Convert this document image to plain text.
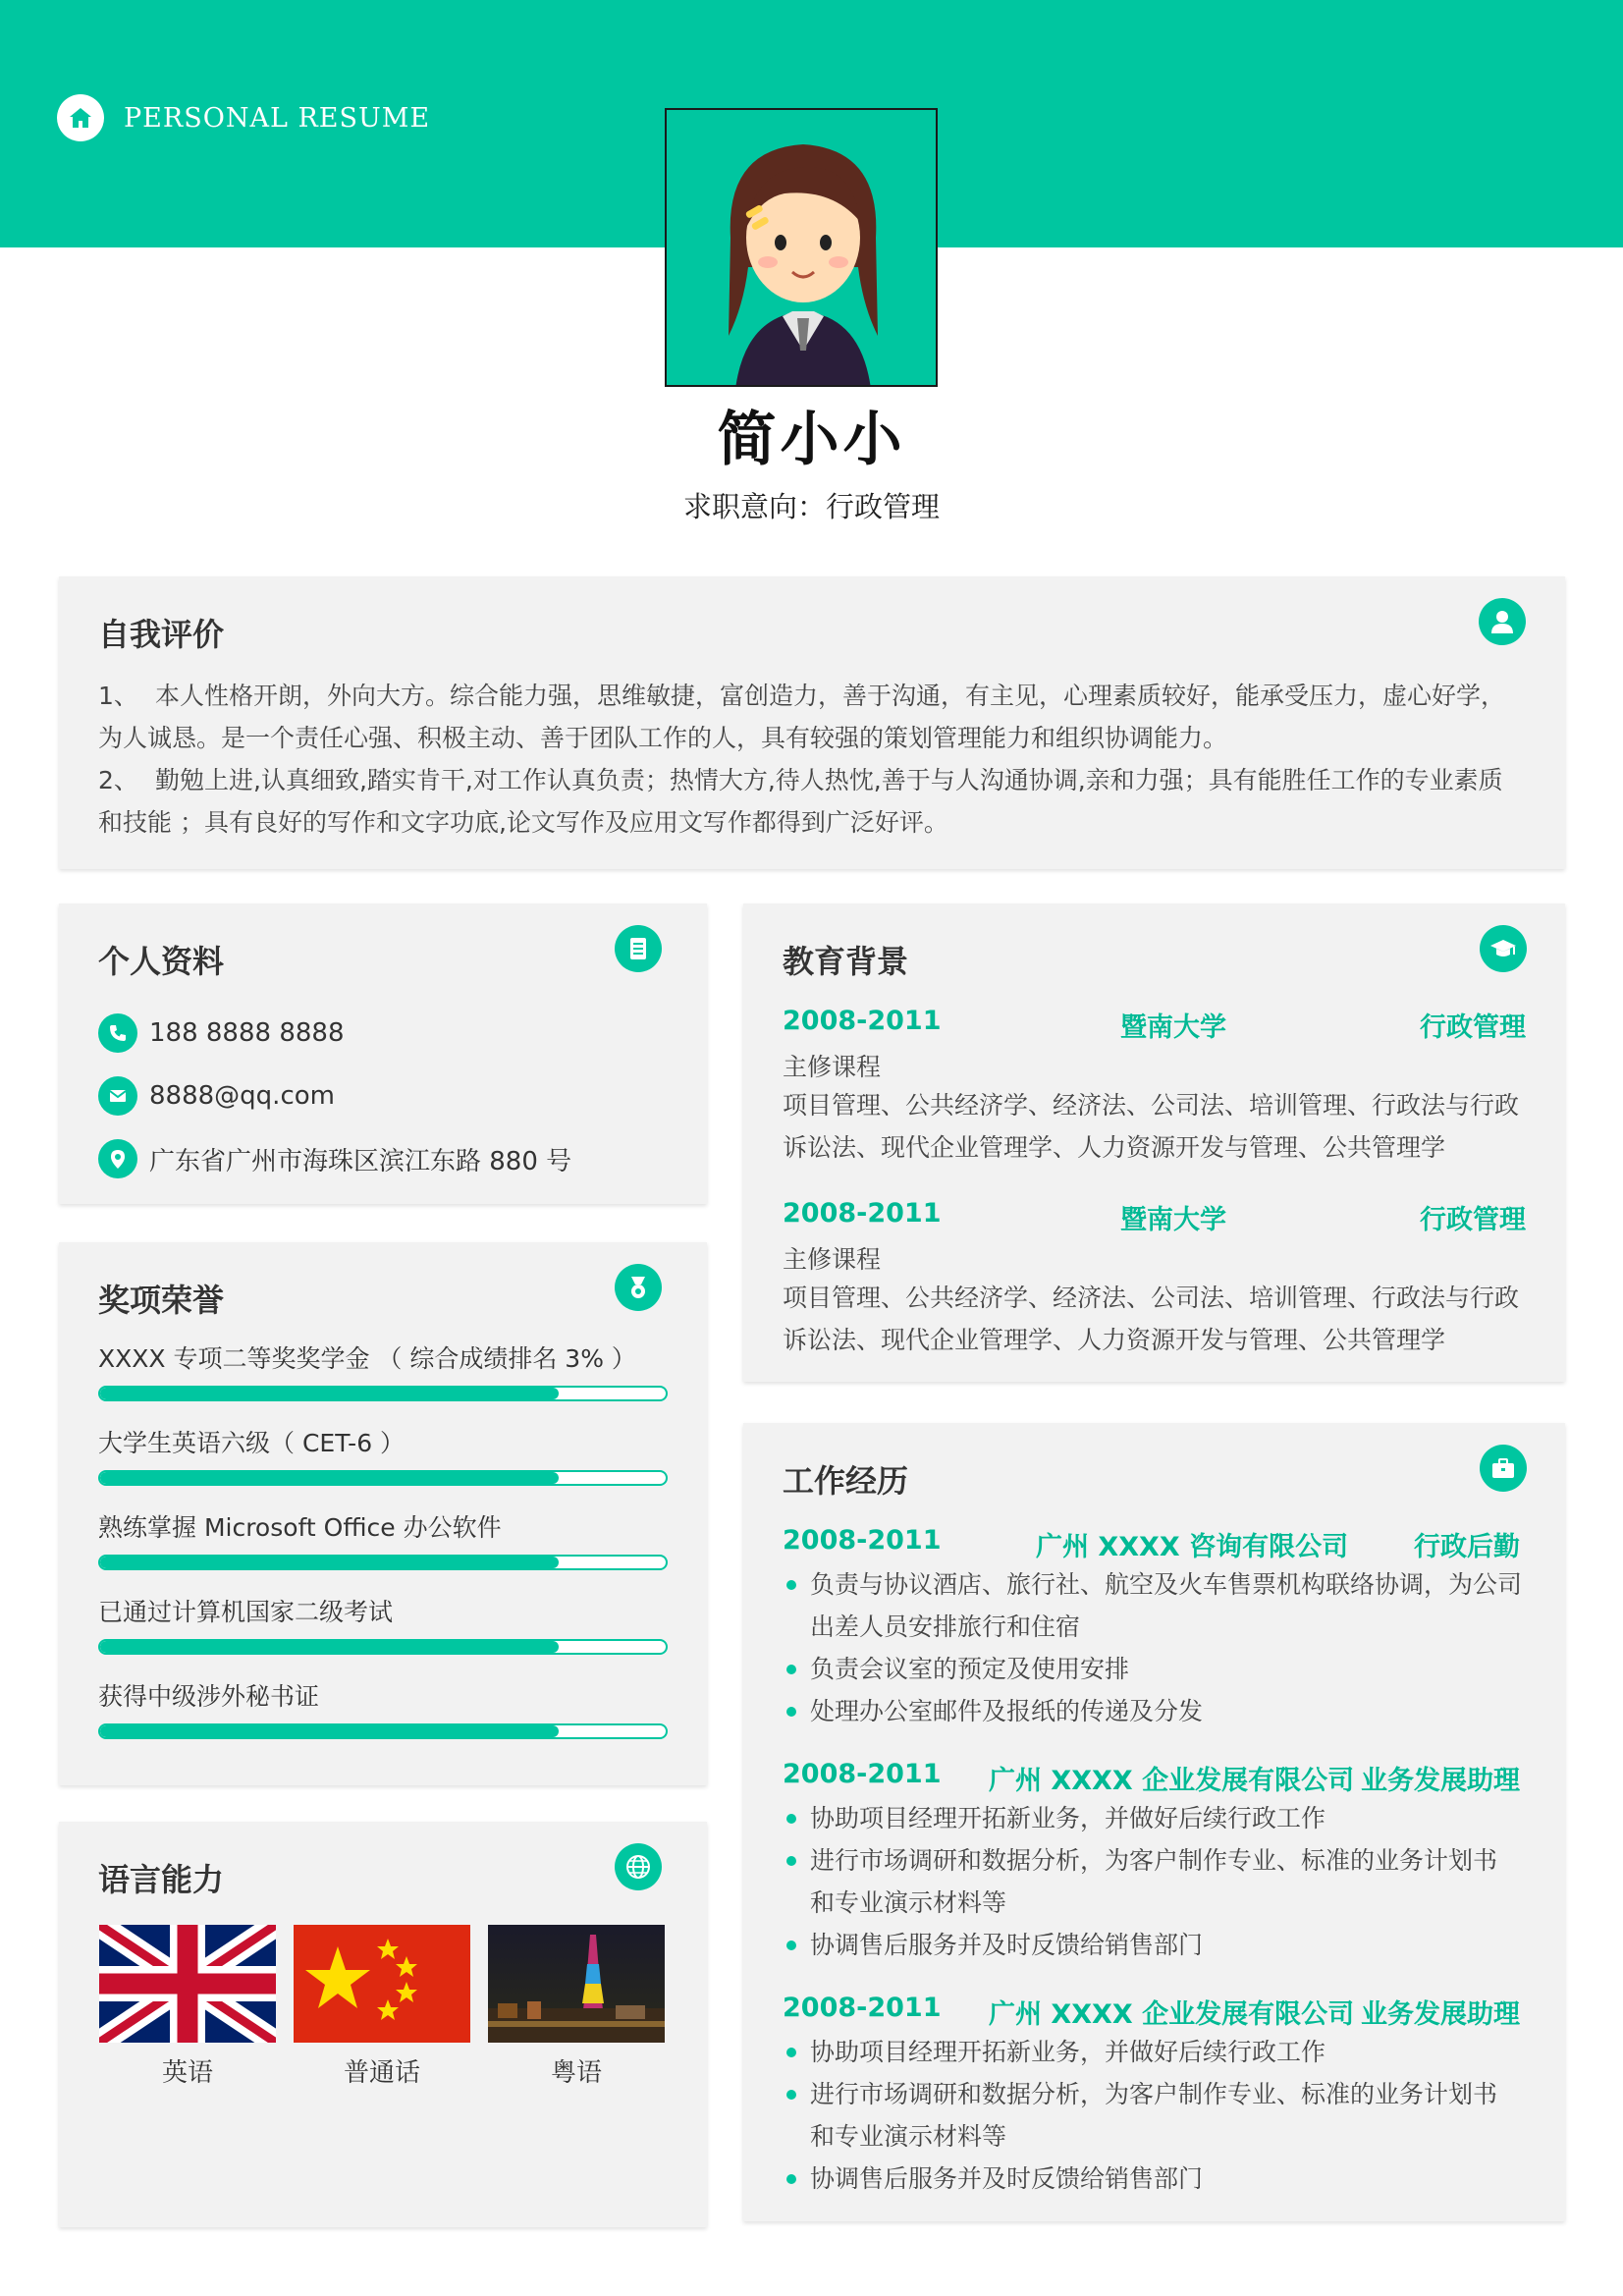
PERSONAL RESUME
简小小
求职意向：行政管理
自我评价

1、 本人性格开朗，外向大方。综合能力强，思维敏捷，富创造力，善于沟通，有主见，心理素质较好，能承受压力，虚心好学，为人诚恳。是一个责任心强、积极主动、善于团队工作的人，具有较强的策划管理能力和组织协调能力。

2、 勤勉上进,认真细致,踏实肯干,对工作认真负责；热情大方,待人热忱,善于与人沟通协调,亲和力强；具有能胜任工作的专业素质和技能 ；具有良好的写作和文字功底,论文写作及应用文写作都得到广泛好评。

个人资料
188 8888 8888
8888@qq.com
广东省广州市海珠区滨江东路 880 号
奖项荣誉
XXXX 专项二等奖奖学金 （ 综合成绩排名 3% ）
大学生英语六级（ CET-6 ）
熟练掌握 Microsoft Office 办公软件
已通过计算机国家二级考试
获得中级涉外秘书证
语言能力
英语	普通话	粤语
教育背景
2008-2011	暨南大学	行政管理
主修课程
项目管理、公共经济学、经济法、公司法、培训管理、行政法与行政诉讼法、现代企业管理学、人力资源开发与管理、公共管理学
2008-2011	暨南大学	行政管理
主修课程
项目管理、公共经济学、经济法、公司法、培训管理、行政法与行政诉讼法、现代企业管理学、人力资源开发与管理、公共管理学
工作经历
2008-2011	广州 XXXX 咨询有限公司 行政后勤
负责与协议酒店、旅行社、航空及火车售票机构联络协调，为公司出差人员安排旅行和住宿
负责会议室的预定及使用安排
处理办公室邮件及报纸的传递及分发
2008-2011 广州 XXXX 企业发展有限公司 业务发展助理
协助项目经理开拓新业务，并做好后续行政工作
进行市场调研和数据分析，为客户制作专业、标准的业务计划书 和专业演示材料等
协调售后服务并及时反馈给销售部门
2008-2011 广州 XXXX 企业发展有限公司 业务发展助理
协助项目经理开拓新业务，并做好后续行政工作
进行市场调研和数据分析，为客户制作专业、标准的业务计划书 和专业演示材料等
协调售后服务并及时反馈给销售部门
